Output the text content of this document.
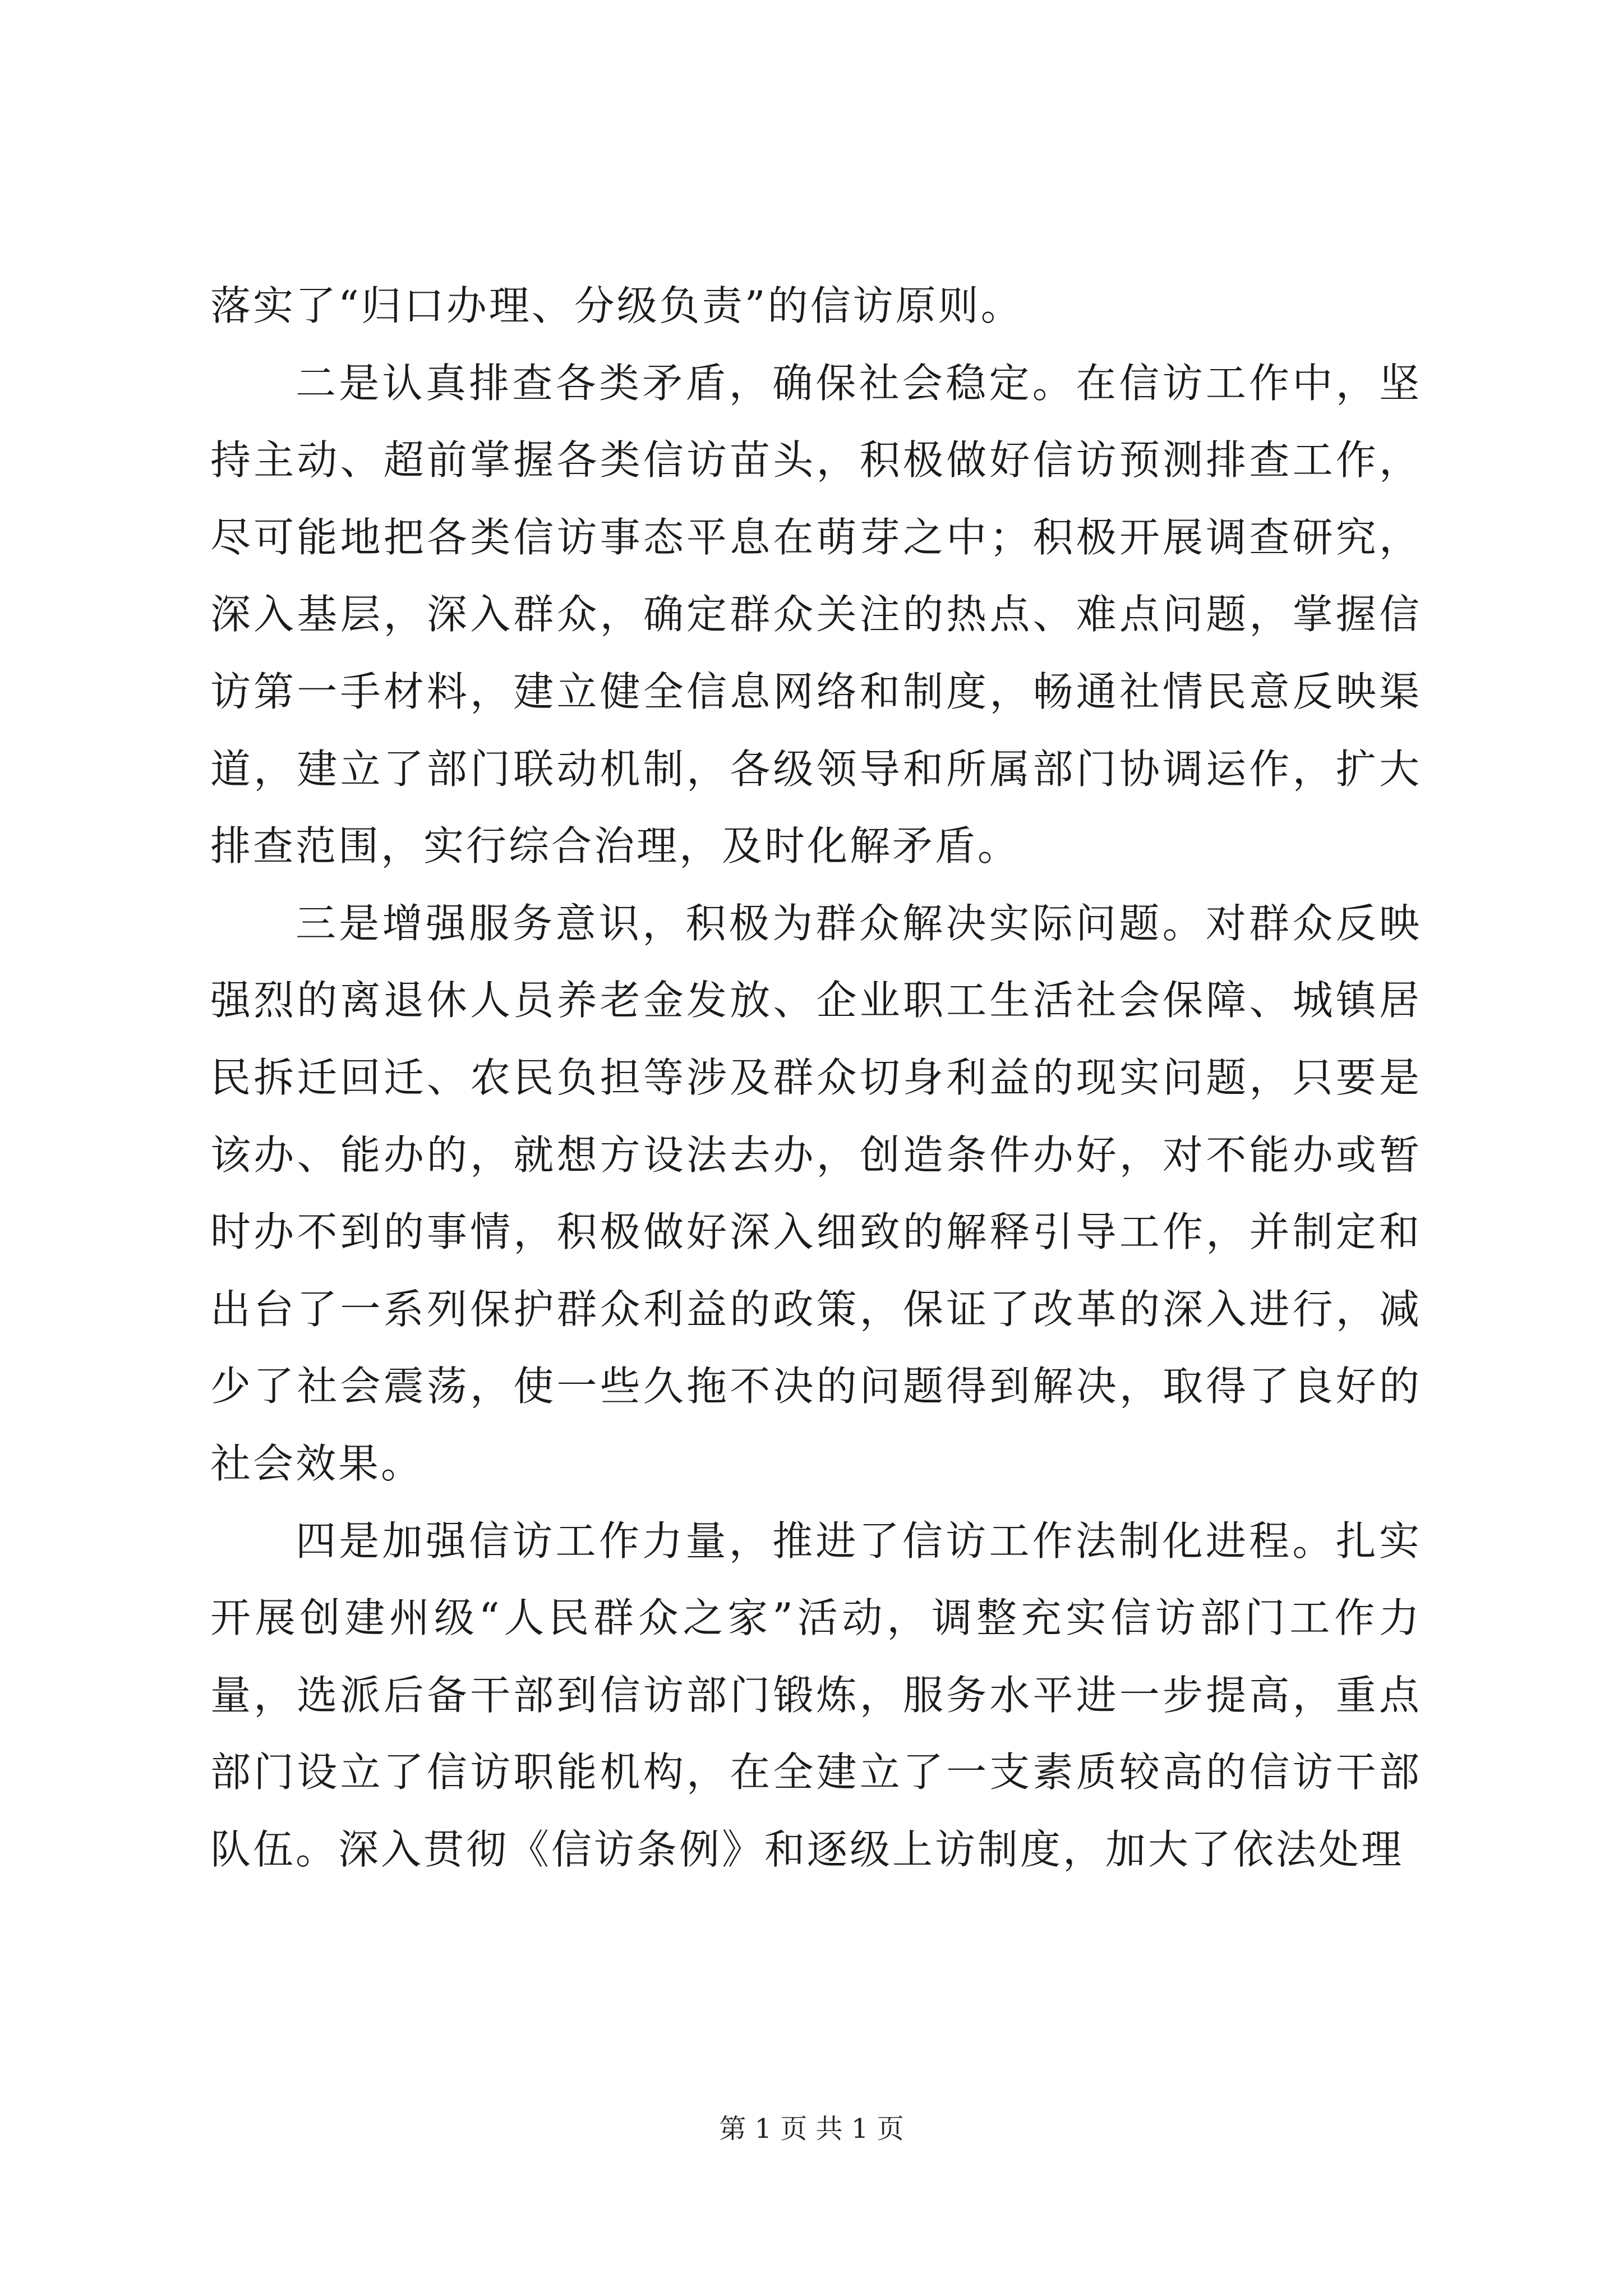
落实了“归口办理、分级负责”的信访原则。

二是认真排查各类矛盾，确保社会稳定。在信访工作中，坚持主动、超前掌握各类信访苗头，积极做好信访预测排查工作，尽可能地把各类信访事态平息在萌芽之中；积极开展调查研究，深入基层，深入群众，确定群众关注的热点、难点问题，掌握信访第一手材料，建立健全信息网络和制度，畅通社情民意反映渠道，建立了部门联动机制，各级领导和所属部门协调运作，扩大排查范围，实行综合治理，及时化解矛盾。

三是增强服务意识，积极为群众解决实际问题。对群众反映强烈的离退休人员养老金发放、企业职工生活社会保障、城镇居民拆迁回迁、农民负担等涉及群众切身利益的现实问题，只要是该办、能办的，就想方设法去办，创造条件办好，对不能办或暂时办不到的事情，积极做好深入细致的解释引导工作，并制定和出台了一系列保护群众利益的政策，保证了改革的深入进行，减少了社会震荡，使一些久拖不决的问题得到解决，取得了良好的社会效果。

四是加强信访工作力量，推进了信访工作法制化进程。扎实开展创建州级“人民群众之家”活动，调整充实信访部门工作力量，选派后备干部到信访部门锻炼，服务水平进一步提高，重点部门设立了信访职能机构，在全建立了一支素质较高的信访干部队伍。深入贯彻《信访条例》和逐级上访制度，加大了依法处理

第 1 页 共 1 页
